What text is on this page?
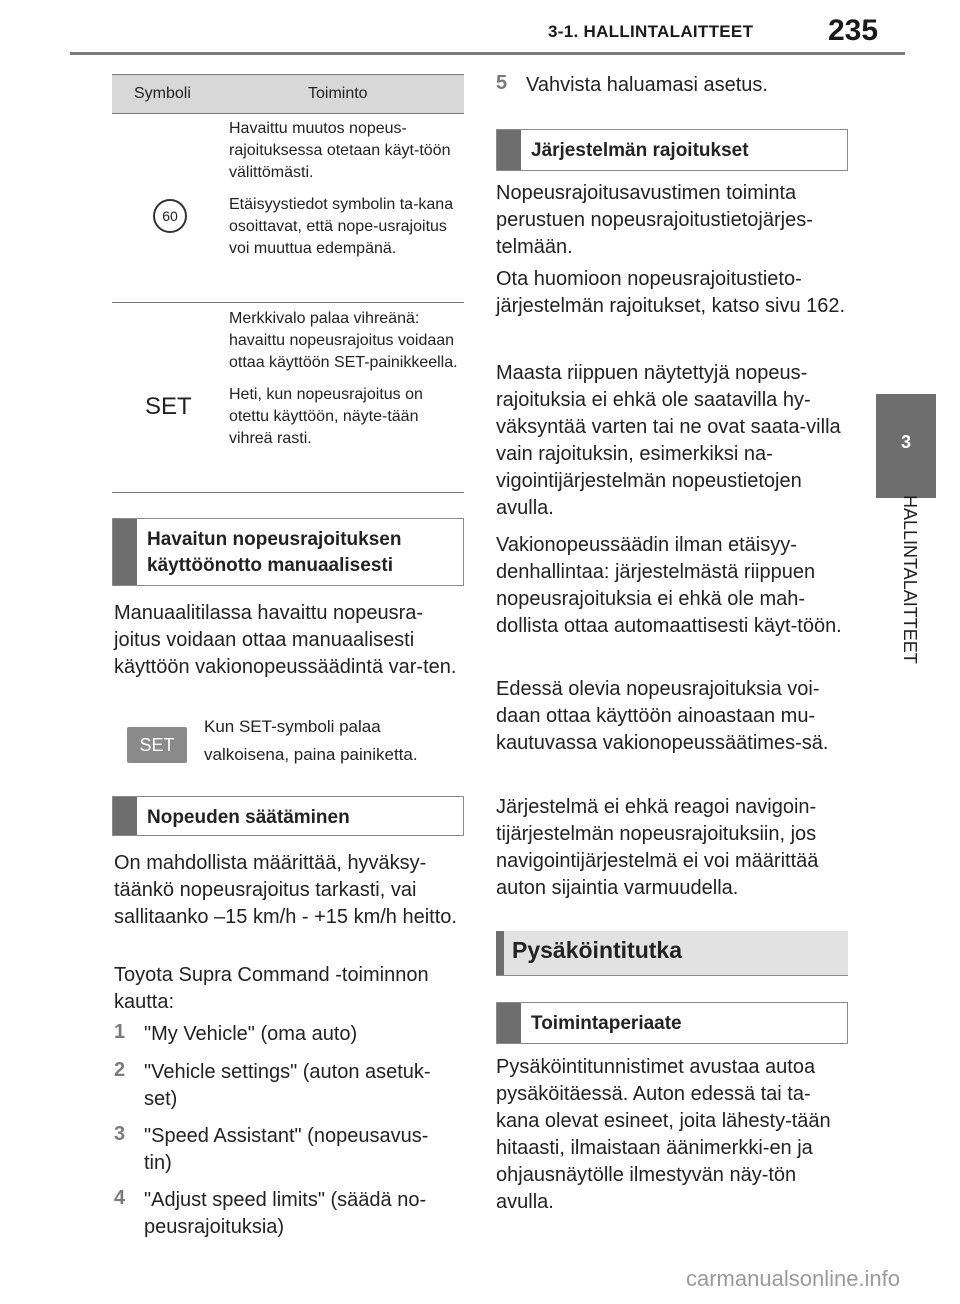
3-1. HALLINTALAITTEET 235
3
HALLINTALAITTEET
Symboli	Toiminto
60

Havaittu muutos nopeus-rajoituksessa otetaan käyt-töön välittömästi.

Etäisyystiedot symbolin ta-kana osoittavat, että nope-usrajoitus voi muuttua edempänä.

SET

Merkkivalo palaa vihreänä: havaittu nopeusrajoitus voidaan ottaa käyttöön SET-painikkeella.

Heti, kun nopeusrajoitus on otettu käyttöön, näyte-tään vihreä rasti.

Havaitun nopeusrajoituksen käyttöönotto manuaalisesti
Manuaalitilassa havaittu nopeusra-joitus voidaan ottaa manuaalisesti käyttöön vakionopeussäädintä var-ten.
SET
Kun SET-symboli palaa valkoisena, paina painiketta.
Nopeuden säätäminen
On mahdollista määrittää, hyväksy-täänkö nopeusrajoitus tarkasti, vai sallitaanko –15 km/h - +15 km/h heitto.
Toyota Supra Command -toiminnon kautta:
1 "My Vehicle" (oma auto)
2 "Vehicle settings" (auton asetuk-set)
3 "Speed Assistant" (nopeusavus-tin)
4 "Adjust speed limits" (säädä no-peusrajoituksia)
5 Vahvista haluamasi asetus.
Järjestelmän rajoitukset
Nopeusrajoitusavustimen toiminta perustuen nopeusrajoitustietojärjes-telmään.
Ota huomioon nopeusrajoitustieto-järjestelmän rajoitukset, katso sivu 162.
Maasta riippuen näytettyjä nopeus-rajoituksia ei ehkä ole saatavilla hy-väksyntää varten tai ne ovat saata-villa vain rajoituksin, esimerkiksi na-vigointijärjestelmän nopeustietojen avulla.
Vakionopeussäädin ilman etäisyy-denhallintaa: järjestelmästä riippuen nopeusrajoituksia ei ehkä ole mah-dollista ottaa automaattisesti käyt-töön.
Edessä olevia nopeusrajoituksia voi-daan ottaa käyttöön ainoastaan mu-kautuvassa vakionopeussäätimes-sä.
Järjestelmä ei ehkä reagoi navigoin-tijärjestelmän nopeusrajoituksiin, jos navigointijärjestelmä ei voi määrittää auton sijaintia varmuudella.
Pysäköintitutka
Toimintaperiaate
Pysäköintitunnistimet avustaa autoa pysäköitäessä. Auton edessä tai ta-kana olevat esineet, joita lähesty-tään hitaasti, ilmaistaan äänimerkki-en ja ohjausnäytölle ilmestyvän näy-tön avulla.
carmanualsonline.info
